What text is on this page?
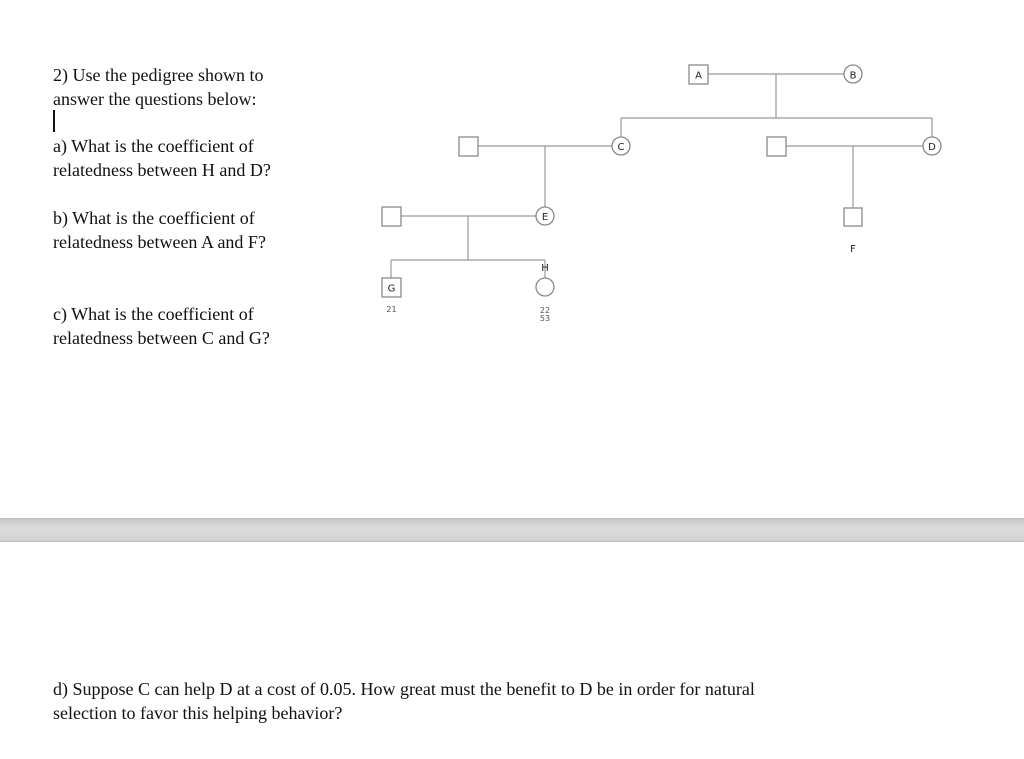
2) Use the pedigree shown to
answer the questions below:
a) What is the coefficient of
relatedness between H and D?
b) What is the coefficient of
relatedness between A and F?
c) What is the coefficient of
relatedness between C and G?
A	B
C	D
E
F
G
H
21	22
53
d) Suppose C can help D at a cost of 0.05. How great must the benefit to D be in order for natural
selection to favor this helping behavior?
